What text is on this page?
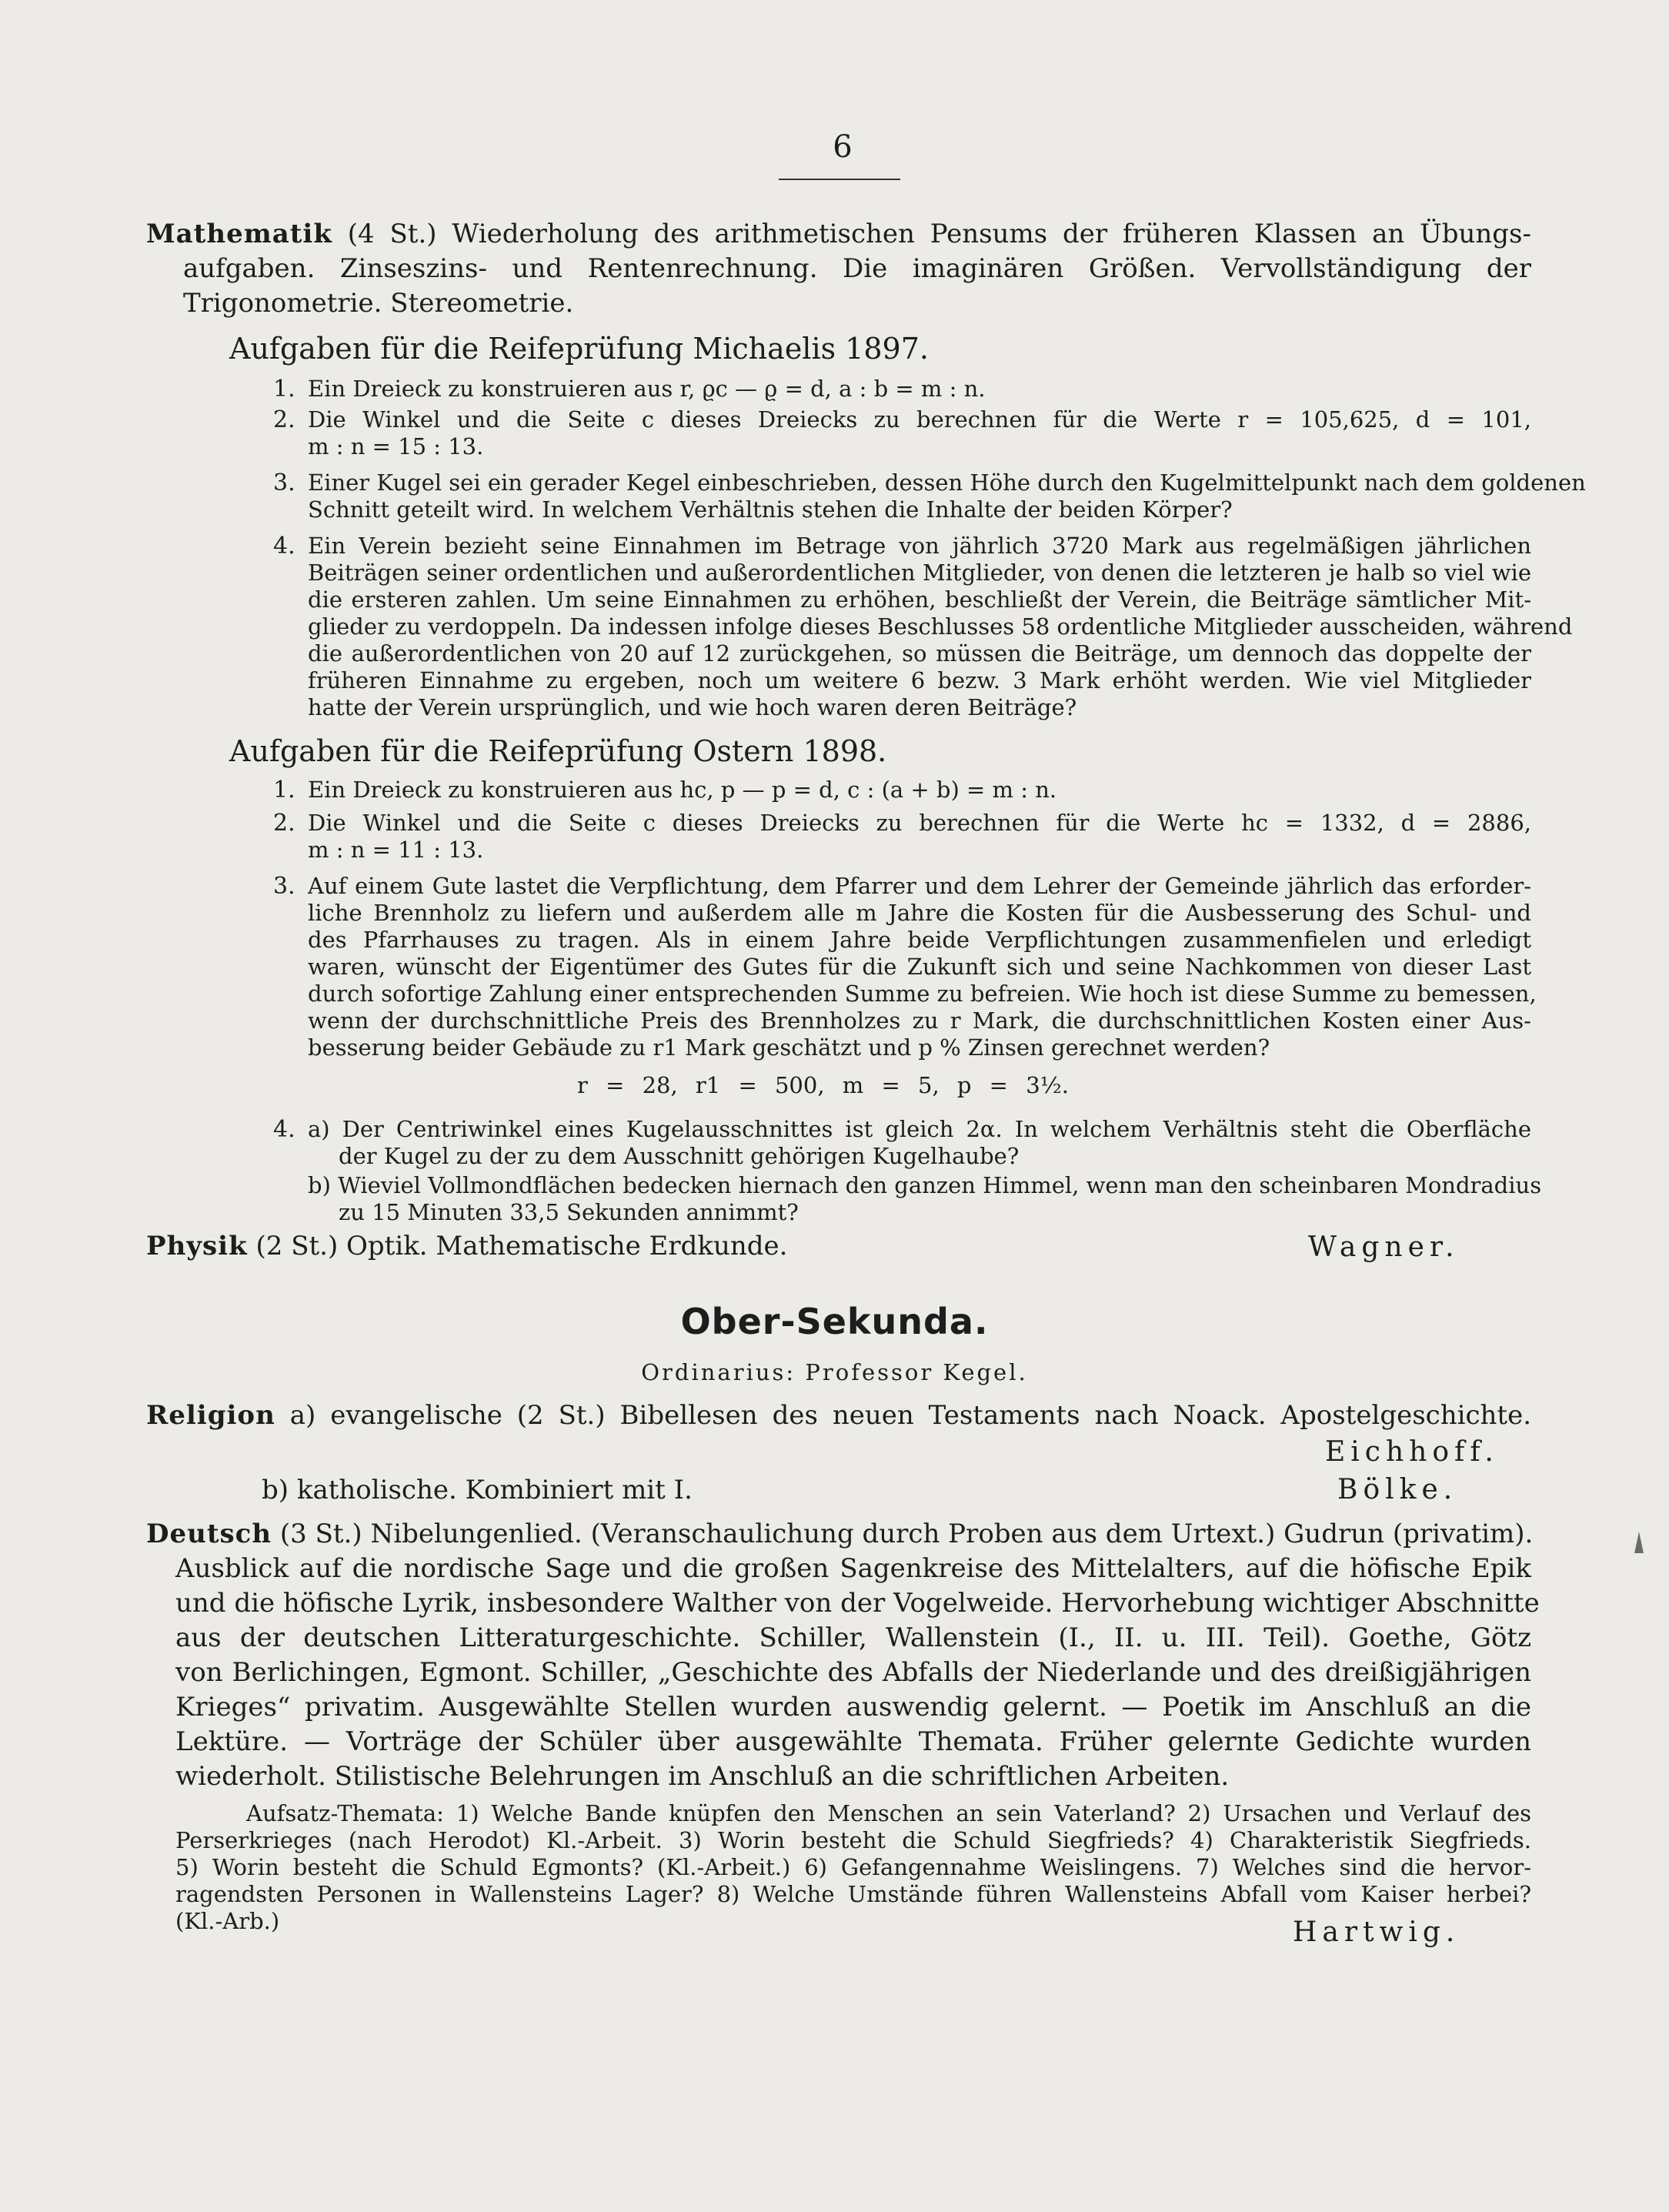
6
Mathematik (4 St.) Wiederholung des arithmetischen Pensums der früheren Klassen an Übungs-
aufgaben. Zinseszins- und Rentenrechnung. Die imaginären Größen. Vervollständigung der
Trigonometrie. Stereometrie.
Aufgaben für die Reifeprüfung Michaelis 1897.
1. Ein Dreieck zu konstruieren aus r, ϱc — ϱ = d, a : b = m : n.
2. Die Winkel und die Seite c dieses Dreiecks zu berechnen für die Werte r = 105,625, d = 101,
m : n = 15 : 13.
3. Einer Kugel sei ein gerader Kegel einbeschrieben, dessen Höhe durch den Kugelmittelpunkt nach dem goldenen
Schnitt geteilt wird. In welchem Verhältnis stehen die Inhalte der beiden Körper?
4. Ein Verein bezieht seine Einnahmen im Betrage von jährlich 3720 Mark aus regelmäßigen jährlichen
Beiträgen seiner ordentlichen und außerordentlichen Mitglieder, von denen die letzteren je halb so viel wie
die ersteren zahlen. Um seine Einnahmen zu erhöhen, beschließt der Verein, die Beiträge sämtlicher Mit-
glieder zu verdoppeln. Da indessen infolge dieses Beschlusses 58 ordentliche Mitglieder ausscheiden, während
die außerordentlichen von 20 auf 12 zurückgehen, so müssen die Beiträge, um dennoch das doppelte der
früheren Einnahme zu ergeben, noch um weitere 6 bezw. 3 Mark erhöht werden. Wie viel Mitglieder
hatte der Verein ursprünglich, und wie hoch waren deren Beiträge?
Aufgaben für die Reifeprüfung Ostern 1898.
1. Ein Dreieck zu konstruieren aus hc, p — p = d, c : (a + b) = m : n.
2. Die Winkel und die Seite c dieses Dreiecks zu berechnen für die Werte hc = 1332, d = 2886,
m : n = 11 : 13.
3. Auf einem Gute lastet die Verpflichtung, dem Pfarrer und dem Lehrer der Gemeinde jährlich das erforder-
liche Brennholz zu liefern und außerdem alle m Jahre die Kosten für die Ausbesserung des Schul- und
des Pfarrhauses zu tragen. Als in einem Jahre beide Verpflichtungen zusammenfielen und erledigt
waren, wünscht der Eigentümer des Gutes für die Zukunft sich und seine Nachkommen von dieser Last
durch sofortige Zahlung einer entsprechenden Summe zu befreien. Wie hoch ist diese Summe zu bemessen,
wenn der durchschnittliche Preis des Brennholzes zu r Mark, die durchschnittlichen Kosten einer Aus-
besserung beider Gebäude zu r1 Mark geschätzt und p % Zinsen gerechnet werden?
r = 28, r1 = 500, m = 5, p = 3½.
4. a) Der Centriwinkel eines Kugelausschnittes ist gleich 2α. In welchem Verhältnis steht die Oberfläche
der Kugel zu der zu dem Ausschnitt gehörigen Kugelhaube?
b) Wieviel Vollmondflächen bedecken hiernach den ganzen Himmel, wenn man den scheinbaren Mondradius
zu 15 Minuten 33,5 Sekunden annimmt?
Physik (2 St.) Optik. Mathematische Erdkunde.	Wagner.
Ober-Sekunda.
Ordinarius: Professor Kegel.
Religion a) evangelische (2 St.) Bibellesen des neuen Testaments nach Noack. Apostelgeschichte.
Eichhoff.
b) katholische. Kombiniert mit I.	Bölke.
Deutsch (3 St.) Nibelungenlied. (Veranschaulichung durch Proben aus dem Urtext.) Gudrun (privatim).
Ausblick auf die nordische Sage und die großen Sagenkreise des Mittelalters, auf die höfische Epik
und die höfische Lyrik, insbesondere Walther von der Vogelweide. Hervorhebung wichtiger Abschnitte
aus der deutschen Litteraturgeschichte. Schiller, Wallenstein (I., II. u. III. Teil). Goethe, Götz
von Berlichingen, Egmont. Schiller, „Geschichte des Abfalls der Niederlande und des dreißigjährigen
Krieges“ privatim. Ausgewählte Stellen wurden auswendig gelernt. — Poetik im Anschluß an die
Lektüre. — Vorträge der Schüler über ausgewählte Themata. Früher gelernte Gedichte wurden
wiederholt. Stilistische Belehrungen im Anschluß an die schriftlichen Arbeiten.
Aufsatz-Themata: 1) Welche Bande knüpfen den Menschen an sein Vaterland? 2) Ursachen und Verlauf des
Perserkrieges (nach Herodot) Kl.-Arbeit. 3) Worin besteht die Schuld Siegfrieds? 4) Charakteristik Siegfrieds.
5) Worin besteht die Schuld Egmonts? (Kl.-Arbeit.) 6) Gefangennahme Weislingens. 7) Welches sind die hervor-
ragendsten Personen in Wallensteins Lager? 8) Welche Umstände führen Wallensteins Abfall vom Kaiser herbei?
(Kl.-Arb.)	Hartwig.
